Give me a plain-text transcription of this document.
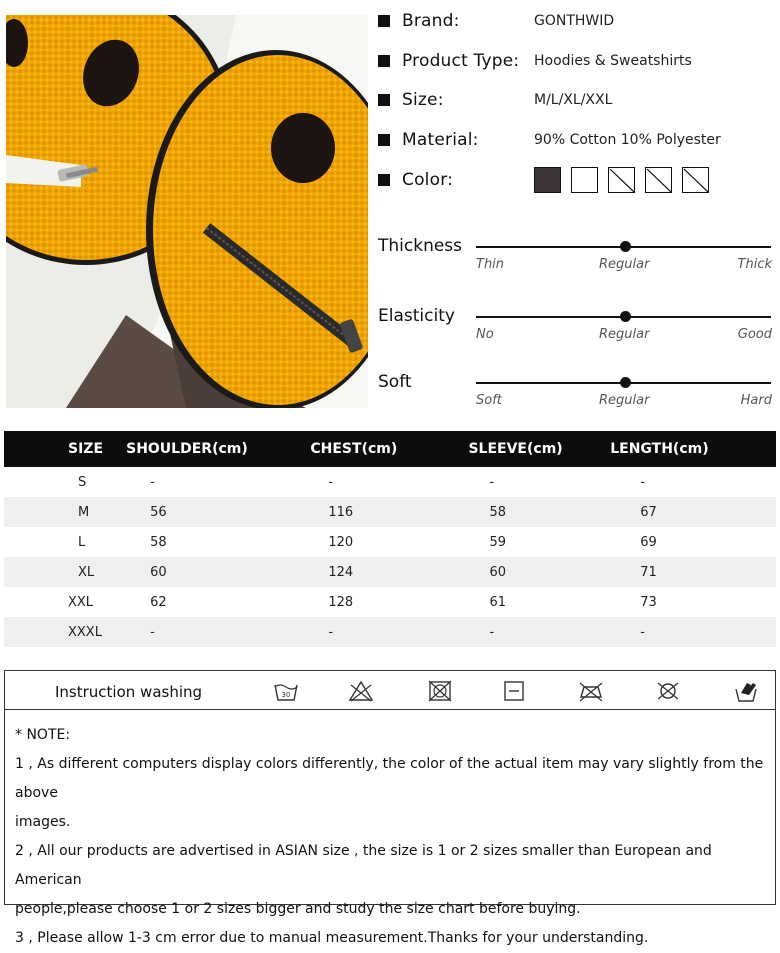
Brand:	GONTHWID
Product Type:	Hoodies & Sweatshirts
Size:	M/L/XL/XXL
Material:	90% Cotton 10% Polyester
Color:
Thickness
Thin	Regular	Thick
Elasticity
No	Regular	Good
Soft
Soft	Regular	Hard
SIZE	SHOULDER(cm)	CHEST(cm)	SLEEVE(cm)	LENGTH(cm)
S	-	-	-	-
M	56	116	58	67
L	58	120	59	69
XL	60	124	60	71
XXL	62	128	61	73
XXXL	-	-	-	-
Instruction washing	30
* NOTE:
1 , As different computers display colors differently, the color of the actual item may vary slightly from the above
images.
2 , All our products are advertised in ASIAN size , the size is 1 or 2 sizes smaller than European and American
people,please choose 1 or 2 sizes bigger and study the size chart before buying.
3 , Please allow 1-3 cm error due to manual measurement.Thanks for your understanding.
